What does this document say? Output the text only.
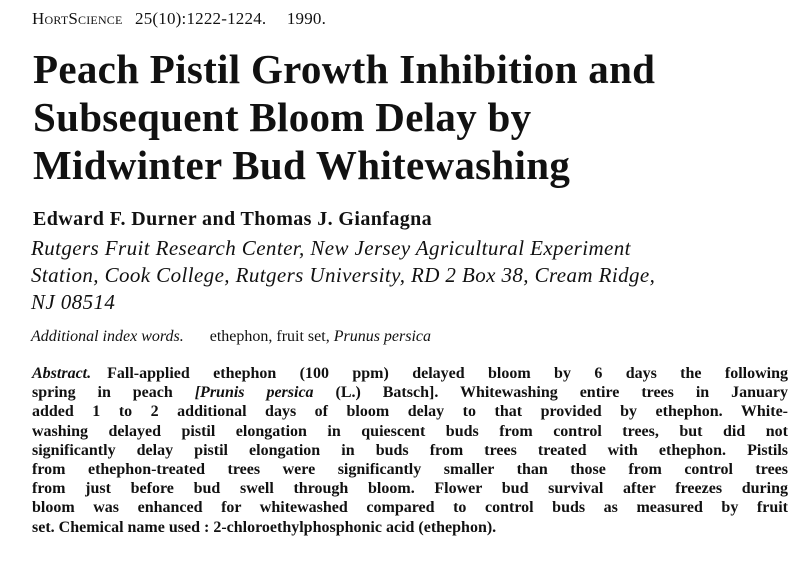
HortScience 25(10):1222-1224. 1990.
Peach Pistil Growth Inhibition and
Subsequent Bloom Delay by
Midwinter Bud Whitewashing
Edward F. Durner and Thomas J. Gianfagna
Rutgers Fruit Research Center, New Jersey Agricultural Experiment
Station, Cook College, Rutgers University, RD 2 Box 38, Cream Ridge,
NJ 08514
Additional index words. ethephon, fruit set, Prunus persica
Abstract. Fall-applied ethephon (100 ppm) delayed bloom by 6 days the following
spring in peach [Prunis persica (L.) Batsch]. Whitewashing entire trees in January
added 1 to 2 additional days of bloom delay to that provided by ethephon. White-
washing delayed pistil elongation in quiescent buds from control trees, but did not
significantly delay pistil elongation in buds from trees treated with ethephon. Pistils
from ethephon-treated trees were significantly smaller than those from control trees
from just before bud swell through bloom. Flower bud survival after freezes during
bloom was enhanced for whitewashed compared to control buds as measured by fruit
set. Chemical name used : 2-chloroethylphosphonic acid (ethephon).
